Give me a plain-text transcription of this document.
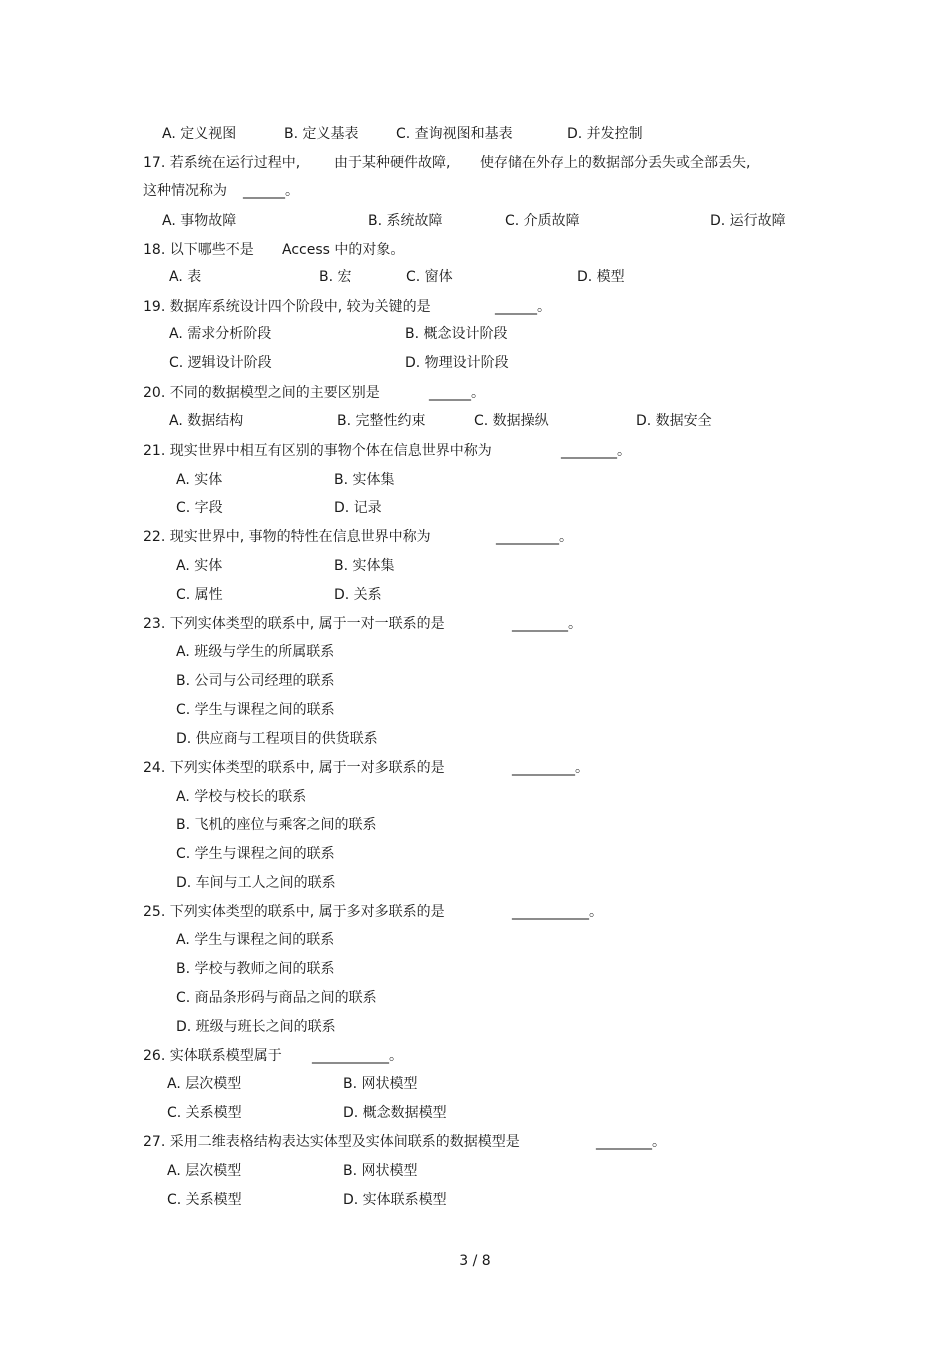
A. 定义视图	B. 定义基表	C. 查询视图和基表	D. 并发控制
17. 若系统在运行过程中, 由于某种硬件故障, 使存储在外存上的数据部分丢失或全部丢失,
这种情况称为 ______。
A. 事物故障	B. 系统故障	C. 介质故障	D. 运行故障
18. 以下哪些不是 Access 中的对象。
A. 表	B. 宏	C. 窗体	D. 模型
19. 数据库系统设计四个阶段中, 较为关键的是	______。
A. 需求分析阶段	B. 概念设计阶段
C. 逻辑设计阶段	D. 物理设计阶段
20. 不同的数据模型之间的主要区别是	______。
A. 数据结构	B. 完整性约束	C. 数据操纵	D. 数据安全
21. 现实世界中相互有区别的事物个体在信息世界中称为	________。
A. 实体	B. 实体集
C. 字段	D. 记录
22. 现实世界中, 事物的特性在信息世界中称为	_________。
A. 实体	B. 实体集
C. 属性	D. 关系
23. 下列实体类型的联系中, 属于一对一联系的是	________。
A. 班级与学生的所属联系
B. 公司与公司经理的联系
C. 学生与课程之间的联系
D. 供应商与工程项目的供货联系
24. 下列实体类型的联系中, 属于一对多联系的是	_________。
A. 学校与校长的联系
B. 飞机的座位与乘客之间的联系
C. 学生与课程之间的联系
D. 车间与工人之间的联系
25. 下列实体类型的联系中, 属于多对多联系的是	___________。
A. 学生与课程之间的联系
B. 学校与教师之间的联系
C. 商品条形码与商品之间的联系
D. 班级与班长之间的联系
26. 实体联系模型属于 ___________。
A. 层次模型	B. 网状模型
C. 关系模型	D. 概念数据模型
27. 采用二维表格结构表达实体型及实体间联系的数据模型是	________。
A. 层次模型	B. 网状模型
C. 关系模型	D. 实体联系模型
3 / 8
